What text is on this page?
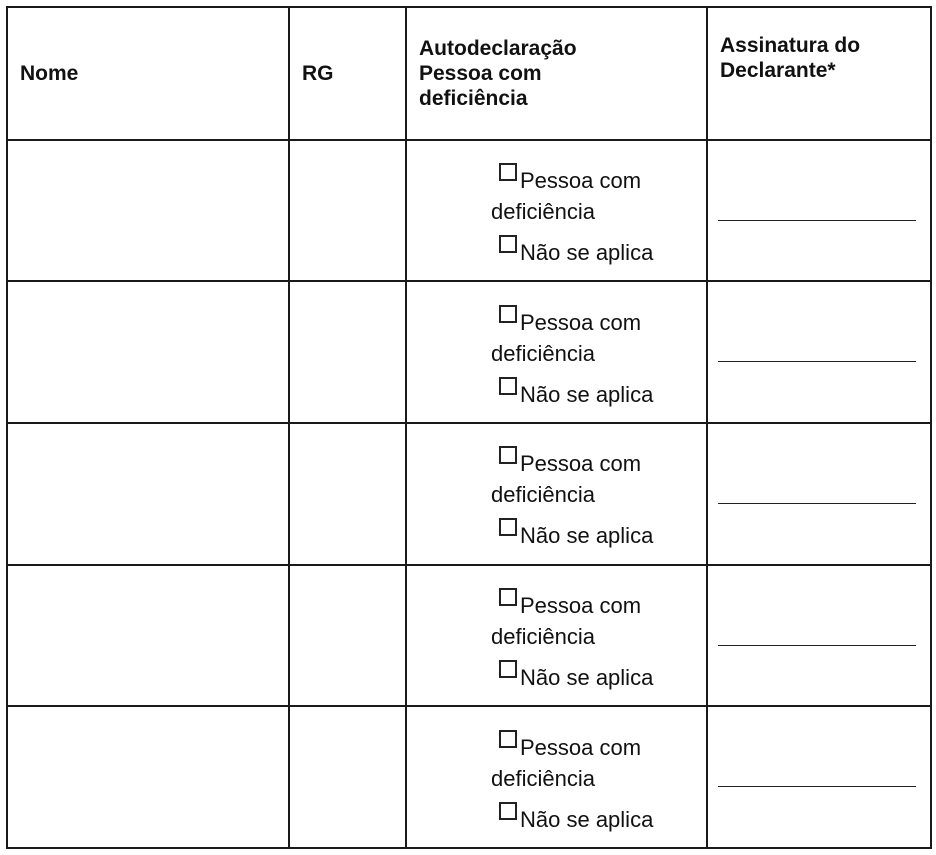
Nome	RG	Autodeclaração
Pessoa com
deficiência	Assinatura do
Declarante*

		Pessoa com
deficiência
Não se aplica	

		Pessoa com
deficiência
Não se aplica	

		Pessoa com
deficiência
Não se aplica	

		Pessoa com
deficiência
Não se aplica	

		Pessoa com
deficiência
Não se aplica	
